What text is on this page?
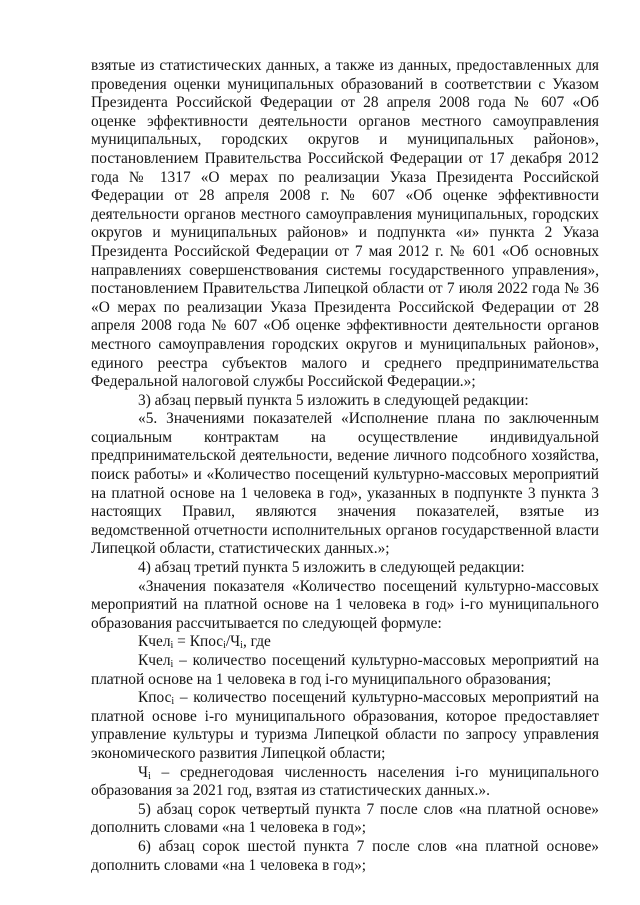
взятые из статистических данных, а также из данных, предоставленных для проведения оценки муниципальных образований в соответствии с Указом Президента Российской Федерации от 28 апреля 2008 года № 607 «Об оценке эффективности деятельности органов местного самоуправления муниципальных, городских округов и муниципальных районов», постановлением Правительства Российской Федерации от 17 декабря 2012 года № 1317 «О мерах по реализации Указа Президента Российской Федерации от 28 апреля 2008 г. № 607 «Об оценке эффективности деятельности органов местного самоуправления муниципальных, городских округов и муниципальных районов» и подпункта «и» пункта 2 Указа Президента Российской Федерации от 7 мая 2012 г. № 601 «Об основных направлениях совершенствования системы государственного управления», постановлением Правительства Липецкой области от 7 июля 2022 года № 36 «О мерах по реализации Указа Президента Российской Федерации от 28 апреля 2008 года № 607 «Об оценке эффективности деятельности органов местного самоуправления городских округов и муниципальных районов», единого реестра субъектов малого и среднего предпринимательства Федеральной налоговой службы Российской Федерации.»;

3) абзац первый пункта 5 изложить в следующей редакции:

«5. Значениями показателей «Исполнение плана по заключенным социальным контрактам на осуществление индивидуальной предпринимательской деятельности, ведение личного подсобного хозяйства, поиск работы» и «Количество посещений культурно-массовых мероприятий на платной основе на 1 человека в год», указанных в подпункте 3 пункта 3 настоящих Правил, являются значения показателей, взятые из ведомственной отчетности исполнительных органов государственной власти Липецкой области, статистических данных.»;

4) абзац третий пункта 5 изложить в следующей редакции:

«Значения показателя «Количество посещений культурно-массовых мероприятий на платной основе на 1 человека в год» i-го муниципального образования рассчитывается по следующей формуле:

Кчел$_i$ = $Кпос_i/Ч_i$, где

Кчел$_i$ – количество посещений культурно-массовых мероприятий на платной основе на 1 человека в год i-го муниципального образования;

Кпос$_i$ – количество посещений культурно-массовых мероприятий на платной основе i-го муниципального образования, которое предоставляет управление культуры и туризма Липецкой области по запросу управления экономического развития Липецкой области;

$Ч_i$ – среднегодовая численность населения i-го муниципального образования за 2021 год, взятая из статистических данных.».

5) абзац сорок четвертый пункта 7 после слов «на платной основе» дополнить словами «на 1 человека в год»;

6) абзац сорок шестой пункта 7 после слов «на платной основе» дополнить словами «на 1 человека в год»;
